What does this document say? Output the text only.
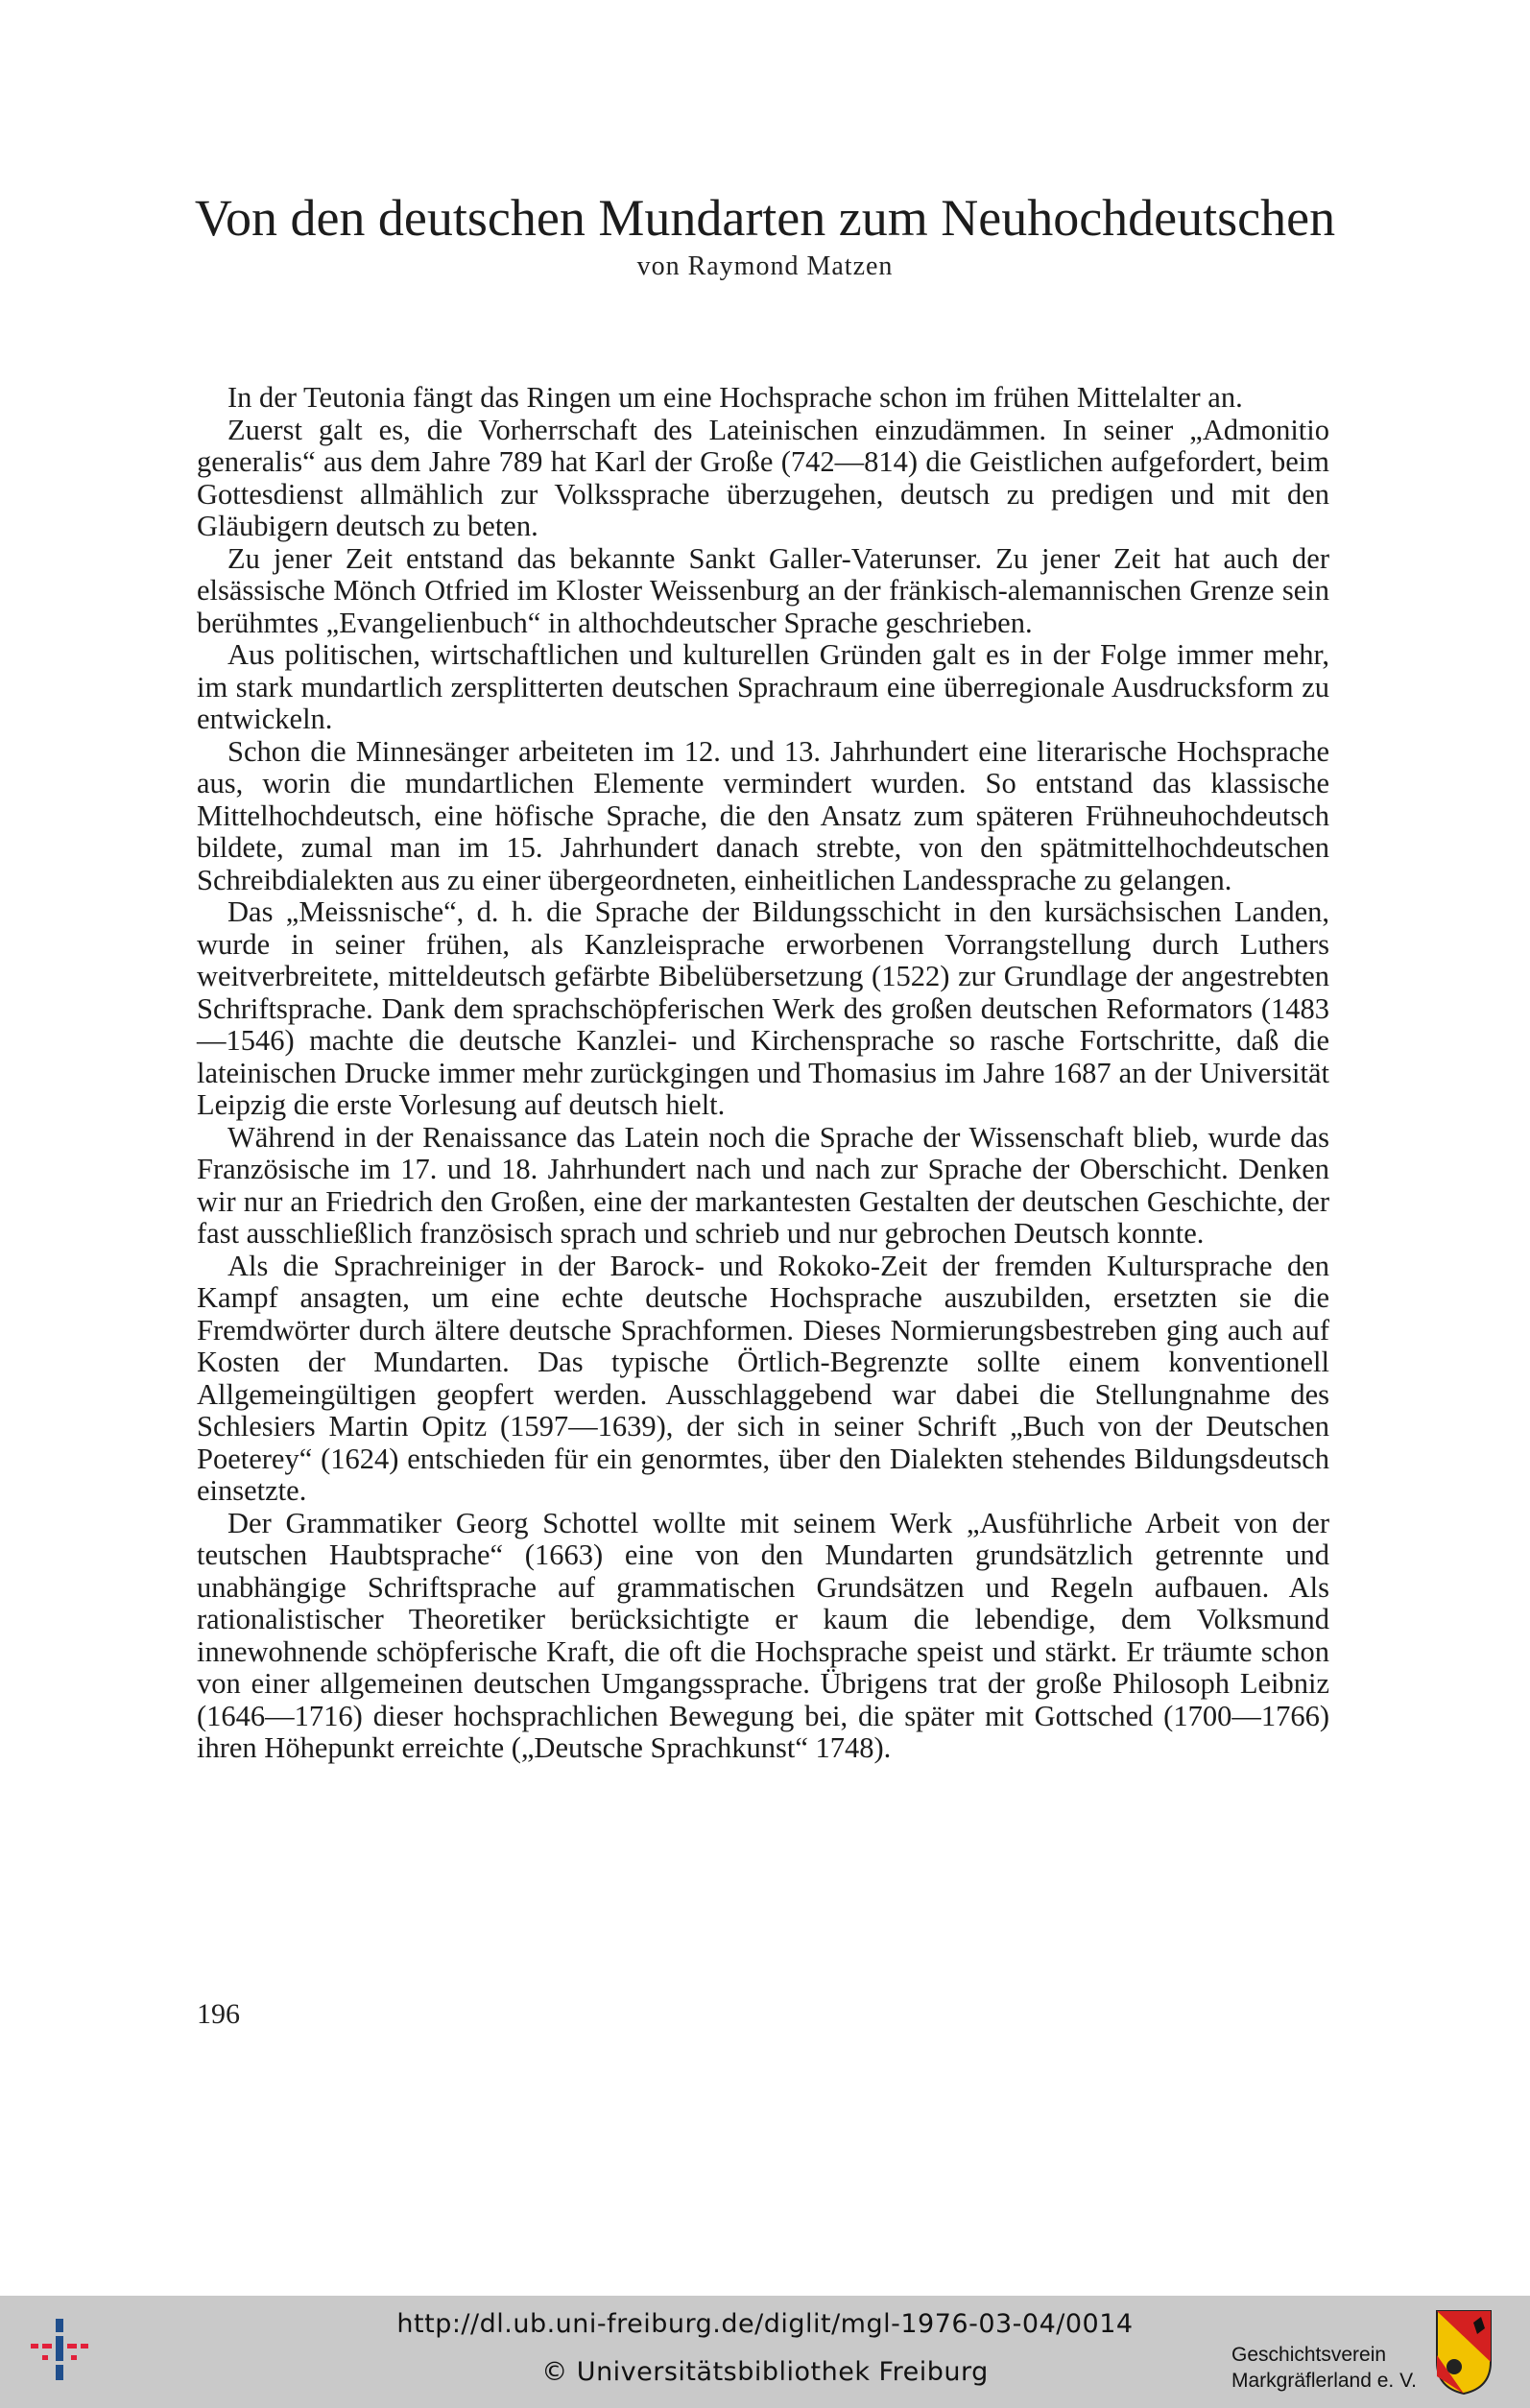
Von den deutschen Mundarten zum Neuhochdeutschen
von Raymond Matzen

In der Teutonia fängt das Ringen um eine Hochsprache schon im frühen Mittelalter an.

Zuerst galt es, die Vorherrschaft des Lateinischen einzudämmen. In seiner „Admonitio generalis“ aus dem Jahre 789 hat Karl der Große (742—814) die Geistlichen aufgefordert, beim Gottesdienst allmählich zur Volkssprache überzugehen, deutsch zu predigen und mit den Gläubigern deutsch zu beten.

Zu jener Zeit entstand das bekannte Sankt Galler-Vaterunser. Zu jener Zeit hat auch der elsässische Mönch Otfried im Kloster Weissenburg an der fränkisch-alemannischen Grenze sein berühmtes „Evangelienbuch“ in althochdeutscher Sprache geschrieben.

Aus politischen, wirtschaftlichen und kulturellen Gründen galt es in der Folge immer mehr, im stark mundartlich zersplitterten deutschen Sprachraum eine überregionale Ausdrucksform zu entwickeln.

Schon die Minnesänger arbeiteten im 12. und 13. Jahrhundert eine literarische Hochsprache aus, worin die mundartlichen Elemente vermindert wurden. So entstand das klassische Mittelhochdeutsch, eine höfische Sprache, die den Ansatz zum späteren Frühneuhochdeutsch bildete, zumal man im 15. Jahrhundert danach strebte, von den spätmittelhochdeutschen Schreibdialekten aus zu einer übergeordneten, einheitlichen Landessprache zu gelangen.

Das „Meissnische“, d. h. die Sprache der Bildungsschicht in den kursächsischen Landen, wurde in seiner frühen, als Kanzleisprache erworbenen Vorrangstellung durch Luthers weitverbreitete, mitteldeutsch gefärbte Bibelübersetzung (1522) zur Grundlage der angestrebten Schriftsprache. Dank dem sprachschöpferischen Werk des großen deutschen Reformators (1483—1546) machte die deutsche Kanzlei- und Kirchensprache so rasche Fortschritte, daß die lateinischen Drucke immer mehr zurückgingen und Thomasius im Jahre 1687 an der Universität Leipzig die erste Vorlesung auf deutsch hielt.

Während in der Renaissance das Latein noch die Sprache der Wissenschaft blieb, wurde das Französische im 17. und 18. Jahrhundert nach und nach zur Sprache der Oberschicht. Denken wir nur an Friedrich den Großen, eine der markantesten Gestalten der deutschen Geschichte, der fast ausschließlich französisch sprach und schrieb und nur gebrochen Deutsch konnte.

Als die Sprachreiniger in der Barock- und Rokoko-Zeit der fremden Kultursprache den Kampf ansagten, um eine echte deutsche Hochsprache auszubilden, ersetzten sie die Fremdwörter durch ältere deutsche Sprachformen. Dieses Normierungsbestreben ging auch auf Kosten der Mundarten. Das typische Örtlich-Begrenzte sollte einem konventionell Allgemeingültigen geopfert werden. Ausschlaggebend war dabei die Stellungnahme des Schlesiers Martin Opitz (1597—1639), der sich in seiner Schrift „Buch von der Deutschen Poeterey“ (1624) entschieden für ein genormtes, über den Dialekten stehendes Bildungsdeutsch einsetzte.

Der Grammatiker Georg Schottel wollte mit seinem Werk „Ausführliche Arbeit von der teutschen Haubtsprache“ (1663) eine von den Mundarten grundsätzlich getrennte und unabhängige Schriftsprache auf grammatischen Grundsätzen und Regeln aufbauen. Als rationalistischer Theoretiker berücksichtigte er kaum die lebendige, dem Volksmund innewohnende schöpferische Kraft, die oft die Hochsprache speist und stärkt. Er träumte schon von einer allgemeinen deutschen Umgangssprache. Übrigens trat der große Philosoph Leibniz (1646—1716) dieser hochsprachlichen Bewegung bei, die später mit Gottsched (1700—1766) ihren Höhepunkt erreichte („Deutsche Sprachkunst“ 1748).

196
http://dl.ub.uni-freiburg.de/diglit/mgl-1976-03-04/0014
© Universitätsbibliothek Freiburg
Geschichtsverein
Markgräflerland e. V.
